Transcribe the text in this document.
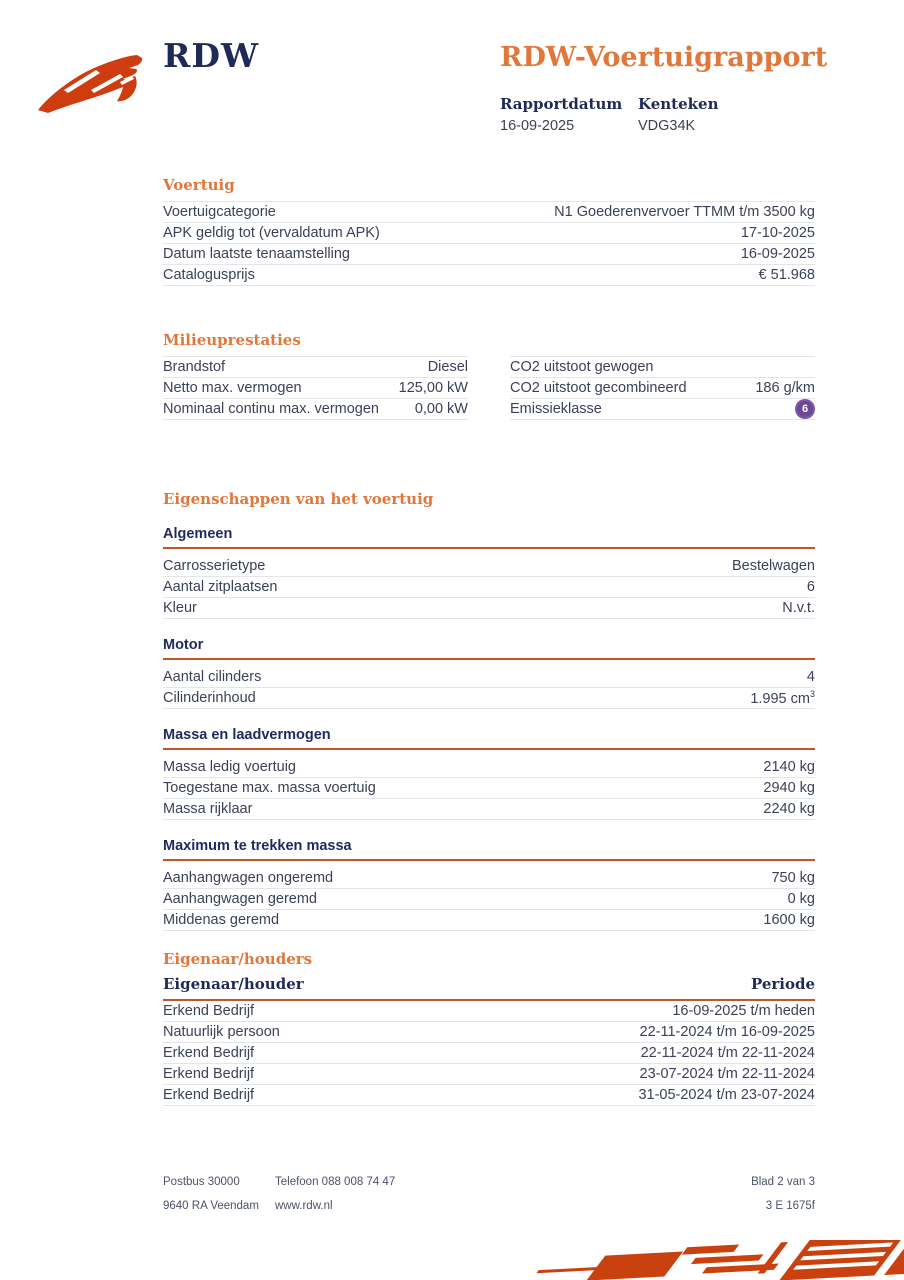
RDW	RDW-Voertuigrapport
Rapportdatum
16-09-2025
Kenteken
VDG34K
Voertuig
Voertuigcategorie	N1 Goederenvervoer TTMM t/m 3500 kg
APK geldig tot (vervaldatum APK)	17-10-2025
Datum laatste tenaamstelling	16-09-2025
Catalogusprijs	€ 51.968
Milieuprestaties
Brandstof	Diesel
Netto max. vermogen	125,00 kW
Nominaal continu max. vermogen 0,00 kW
CO2 uitstoot gewogen
CO2 uitstoot gecombineerd	186 g/km
Emissieklasse	6
Eigenschappen van het voertuig
Algemeen
Carrosserietype	Bestelwagen
Aantal zitplaatsen	6
Kleur	N.v.t.
Motor
Aantal cilinders	4
Cilinderinhoud	1.995 $cm^3$
Massa en laadvermogen
Massa ledig voertuig	2140 kg
Toegestane max. massa voertuig	2940 kg
Massa rijklaar	2240 kg
Maximum te trekken massa
Aanhangwagen ongeremd	750 kg
Aanhangwagen geremd	0 kg
Middenas geremd	1600 kg
Eigenaar/houders
Eigenaar/houder	Periode
Erkend Bedrijf	16-09-2025 t/m heden
Natuurlijk persoon	22-11-2024 t/m 16-09-2025
Erkend Bedrijf	22-11-2024 t/m 22-11-2024
Erkend Bedrijf	23-07-2024 t/m 22-11-2024
Erkend Bedrijf	31-05-2024 t/m 23-07-2024
Postbus 30000	Telefoon 088 008 74 47	Blad 2 van 3
9640 RA Veendam	www.rdw.nl	3 E 1675f
